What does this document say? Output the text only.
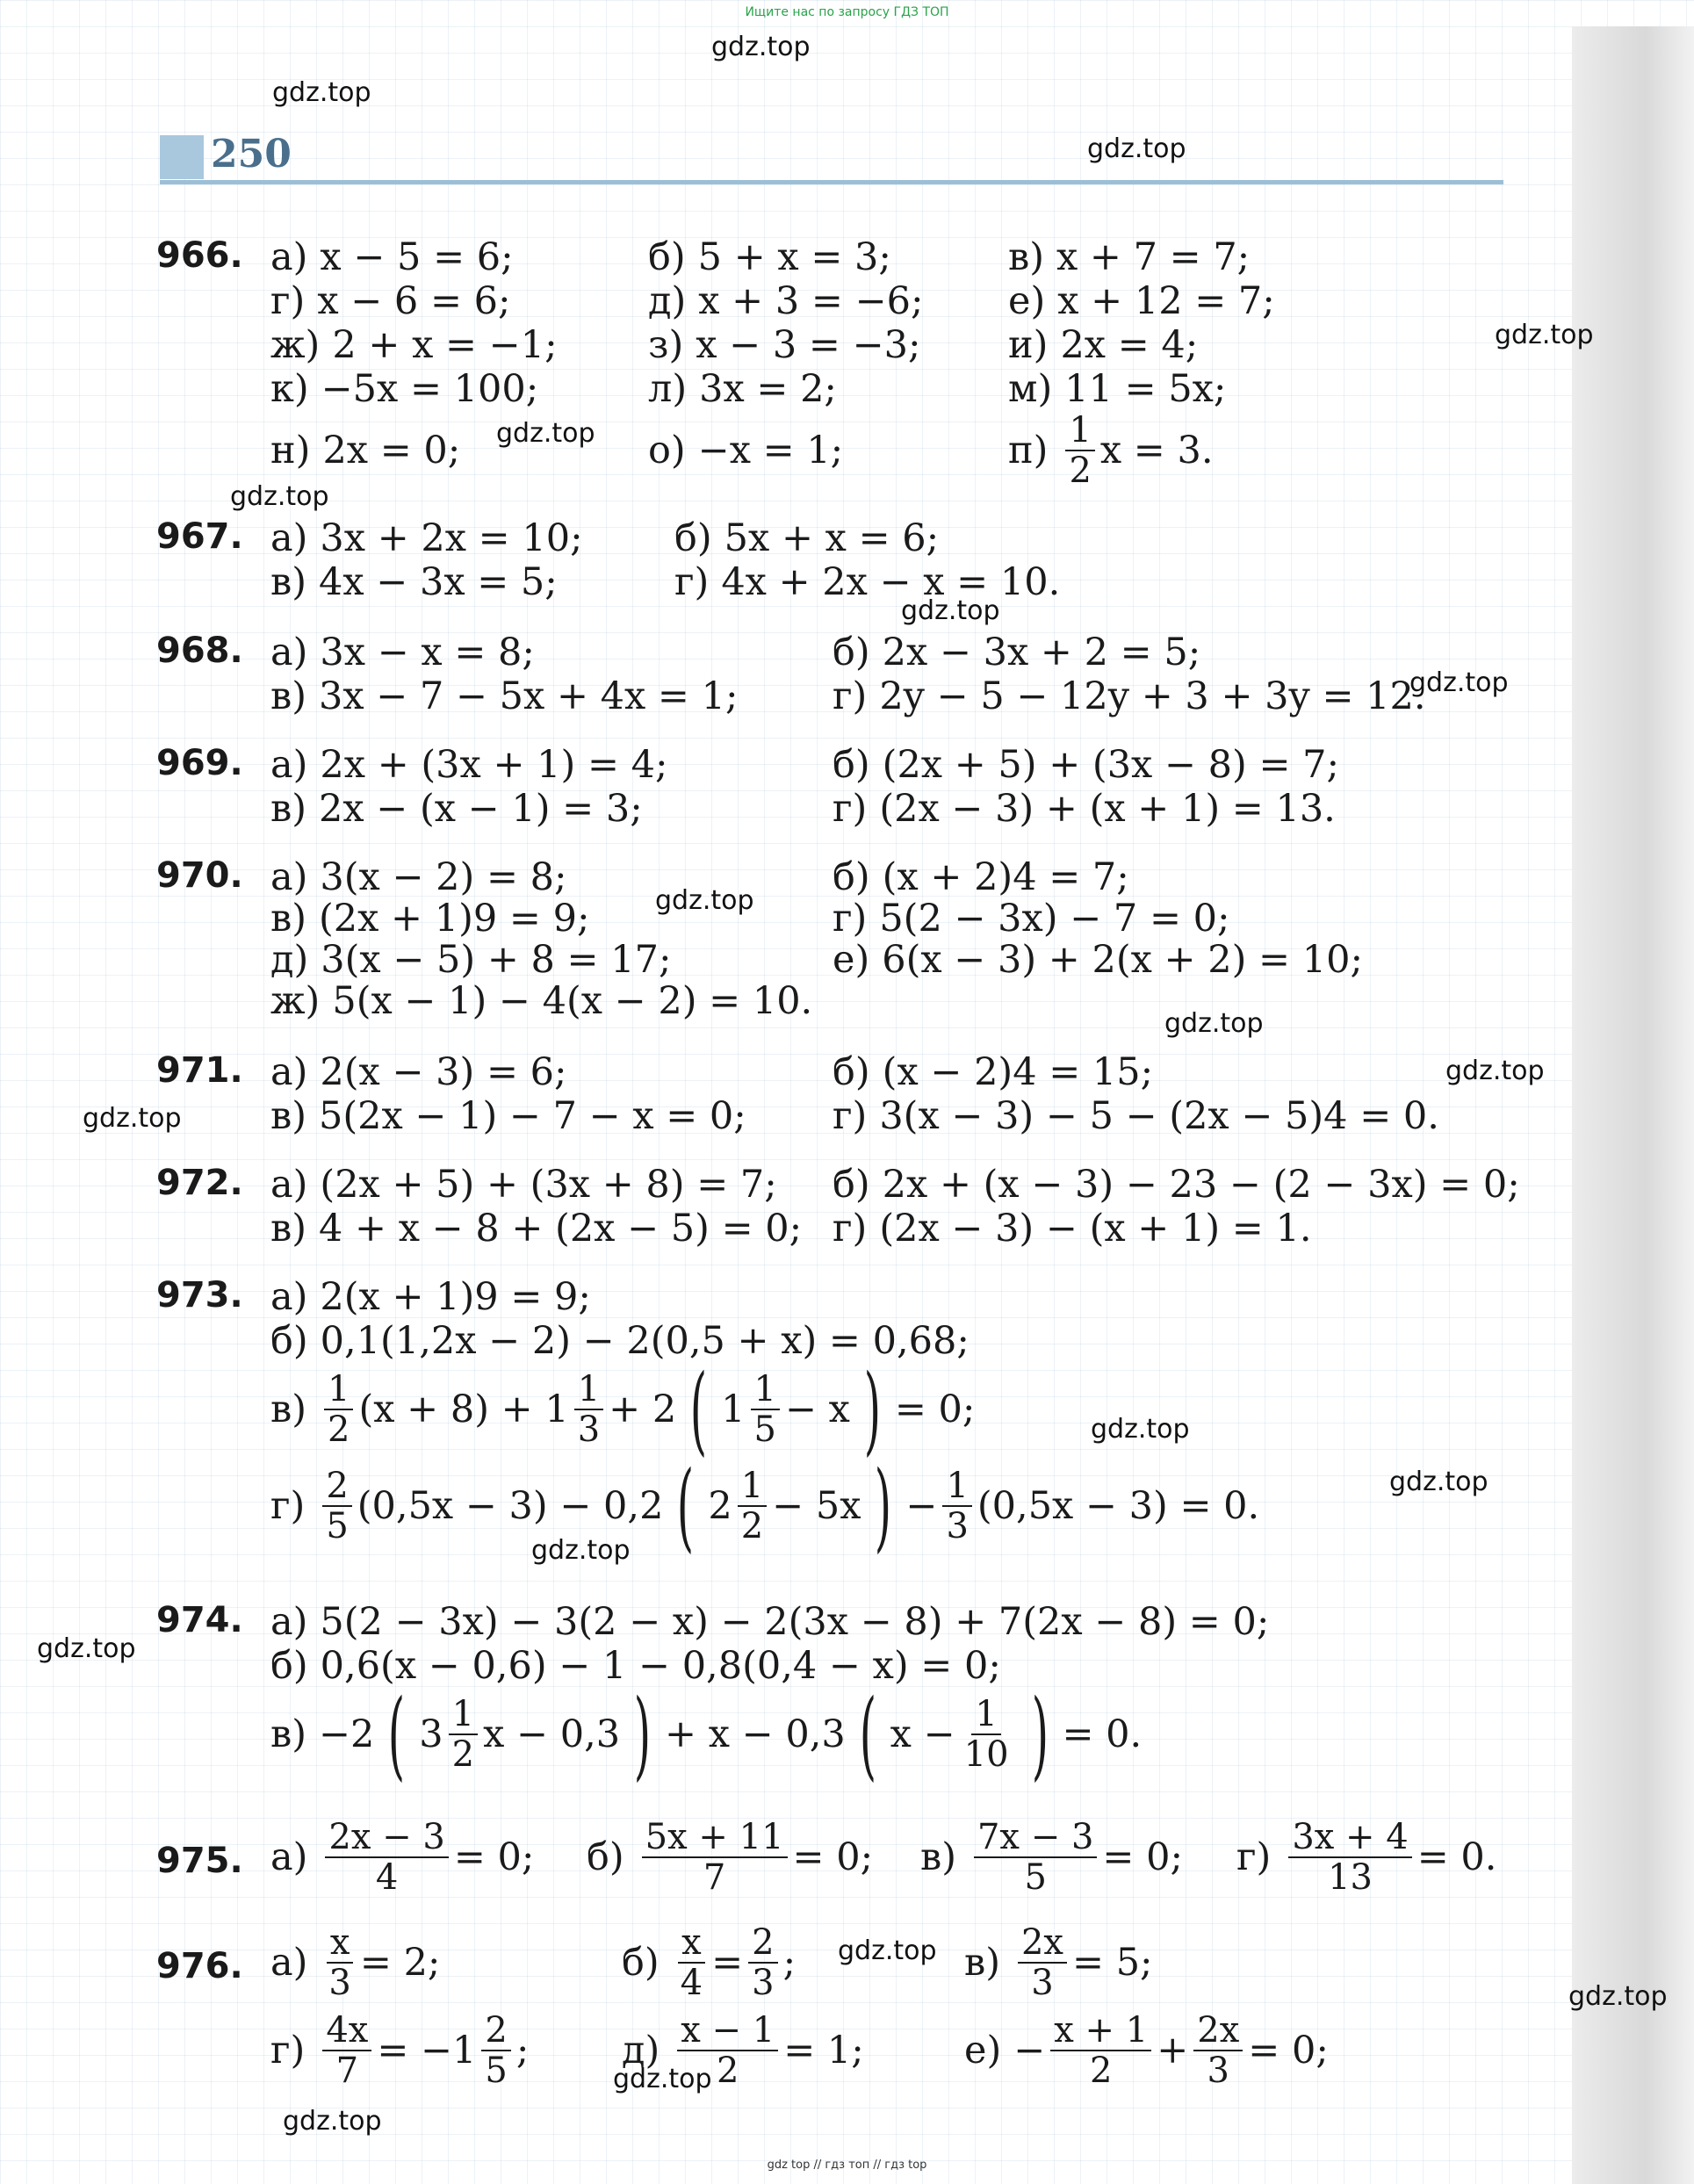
Ищите нас по запросу ГДЗ ТОП
250
gdz.top
gdz.top
gdz.top
gdz.top
gdz.top
gdz.top
gdz.top
gdz.top
gdz.top
gdz.top
gdz.top
gdz.top
gdz.top
gdz.top
gdz.top
gdz.top
gdz.top
gdz.top
gdz.top
gdz.top
966. а) x − 5 = 6;	б) 5 + x = 3;	в) x + 7 = 7;
г) x − 6 = 6;	д) x + 3 = −6; е) x + 12 = 7;
ж) 2 + x = −1; з) x − 3 = −3; и) 2x = 4;
к) −5x = 100;	л) 3x = 2;	м) 11 = 5x;
н) 2x = 0;	о) −x = 1;	$п) \frac{1}{2}$ x = 3.
967. а) 3x + 2x = 10; б) 5x + x = 6;
в) 4x − 3x = 5;	г) 4x + 2x − x = 10.
968. а) 3x − x = 8;	б) 2x − 3x + 2 = 5;
в) 3x − 7 − 5x + 4x = 1;	г) 2y − 5 − 12y + 3 + 3y = 12.
969. а) 2x + (3x + 1) = 4;	б) (2x + 5) + (3x − 8) = 7;
в) 2x − (x − 1) = 3;	г) (2x − 3) + (x + 1) = 13.
970. а) 3(x − 2) = 8;	б) (x + 2)4 = 7;
в) (2x + 1)9 = 9;	г) 5(2 − 3x) − 7 = 0;
д) 3(x − 5) + 8 = 17;	е) 6(x − 3) + 2(x + 2) = 10;
ж) 5(x − 1) − 4(x − 2) = 10.
971. а) 2(x − 3) = 6;	б) (x − 2)4 = 15;
в) 5(2x − 1) − 7 − x = 0; г) 3(x − 3) − 5 − (2x − 5)4 = 0.
972. а) (2x + 5) + (3x + 8) = 7; б) 2x + (x − 3) − 23 − (2 − 3x) = 0;
в) 4 + x − 8 + (2x − 5) = 0; г) (2x − 3) − (x + 1) = 1.
973. а) 2(x + 1)9 = 9;
б) 0,1(1,2x − 2) − 2(0,5 + x) = 0,68;
$в) \frac{1}{2} (x + 8) + 1 \frac{1}{3} + 2$ ( $1 \frac{1}{5} - x$ ) = 0;
$г) \frac{2}{5} (0,5x - 3) - 0,2$ ( $2 \frac{1}{2} - 5x$ ) − $\frac{1}{3} (0,5x - 3) = 0$.
974. а) 5(2 − 3x) − 3(2 − x) − 2(3x − 8) + 7(2x − 8) = 0;
б) 0,6(x − 0,6) − 1 − 0,8(0,4 − x) = 0;
в) −2 ( $3 \frac{1}{2}$ x − 0,3 ) + x − 0,3 ( $x - \frac{1}{10}$ ) = 0.
975. $а) \frac{2x - 3}{4} = 0$; $б) \frac{5x + 11}{7} = 0$; $в) \frac{7x - 3}{5} = 0$; $г) \frac{3x + 4}{13} = 0$.
976. $а) \frac{x}{3} = 2$;	$б) \frac{x}{4} = \frac{2}{3}$ ;	$в) \frac{2x}{3} = 5$;
$г) \frac{4x}{7} = -1 \frac{2}{5}$ ; $д) \frac{x - 1}{2} = 1$;	$е) - \frac{x + 1}{2} + \frac{2x}{3} = 0$;
gdz top // гдз топ // гдз top
